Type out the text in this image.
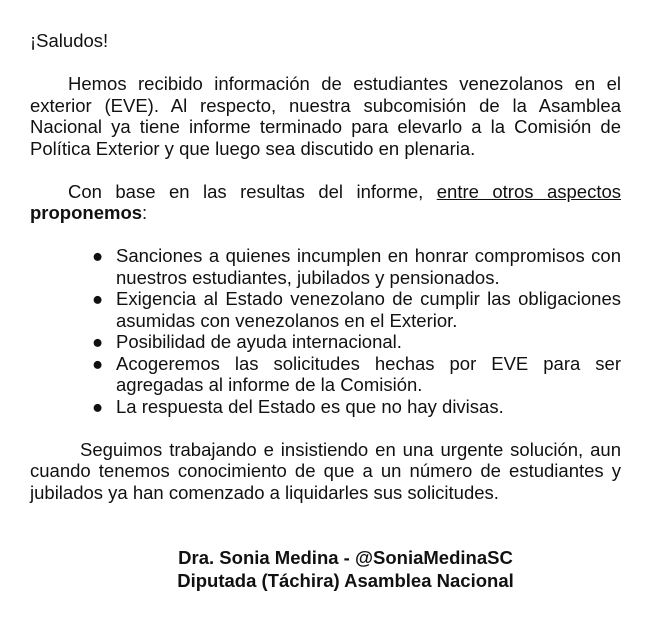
¡Saludos!

Hemos recibido información de estudiantes venezolanos en el exterior (EVE). Al respecto, nuestra subcomisión de la Asamblea Nacional ya tiene informe terminado para elevarlo a la Comisión de Política Exterior y que luego sea discutido en plenaria.

Con base en las resultas del informe, entre otros aspectos proponemos:

● Sanciones a quienes incumplen en honrar compromisos con nuestros estudiantes, jubilados y pensionados.
● Exigencia al Estado venezolano de cumplir las obligaciones asumidas con venezolanos en el Exterior.
● Posibilidad de ayuda internacional.
● Acogeremos las solicitudes hechas por EVE para ser agregadas al informe de la Comisión.
● La respuesta del Estado es que no hay divisas.

Seguimos trabajando e insistiendo en una urgente solución, aun cuando tenemos conocimiento de que a un número de estudiantes y jubilados ya han comenzado a liquidarles sus solicitudes.

Dra. Sonia Medina - @SoniaMedinaSC
Diputada (Táchira) Asamblea Nacional
